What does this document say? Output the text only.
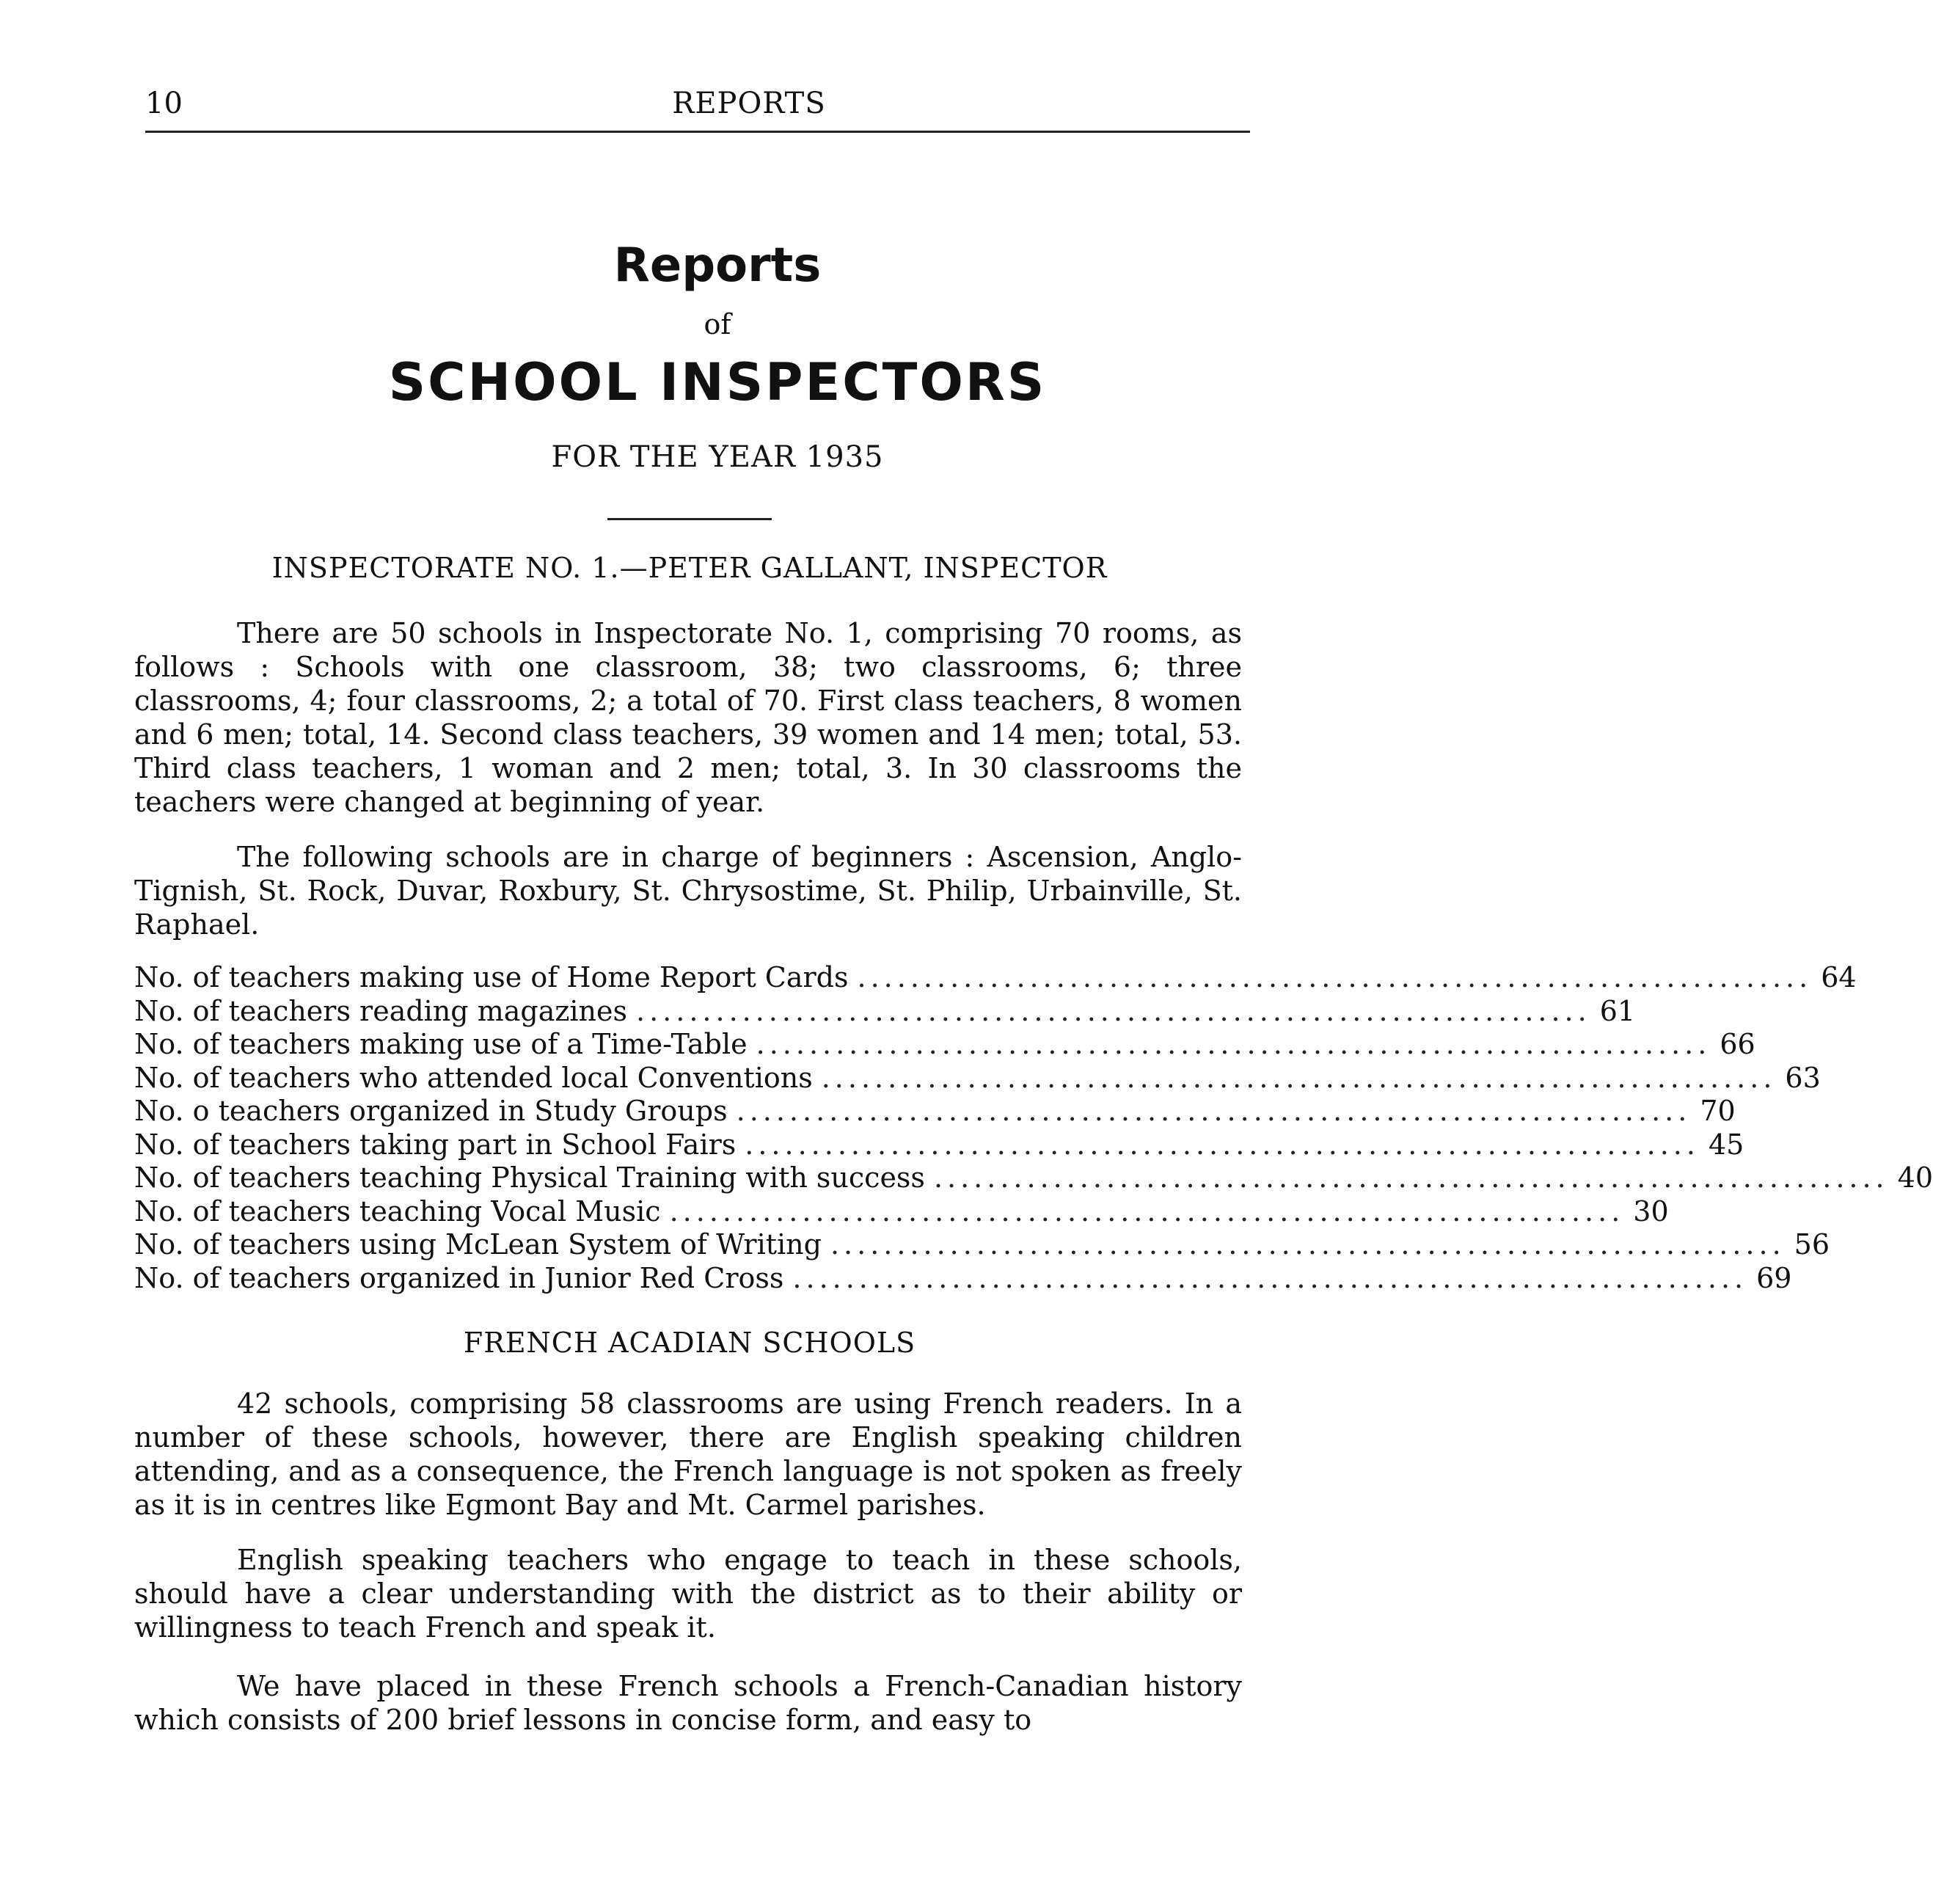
10	REPORTS
Reports
of
SCHOOL INSPECTORS
FOR THE YEAR 1935
INSPECTORATE NO. 1.—PETER GALLANT, INSPECTOR

There are 50 schools in Inspectorate No. 1, comprising 70 rooms, as follows : Schools with one classroom, 38; two classrooms, 6; three classrooms, 4; four classrooms, 2; a total of 70. First class teachers, 8 women and 6 men; total, 14. Second class teachers, 39 women and 14 men; total, 53. Third class teachers, 1 woman and 2 men; total, 3. In 30 classrooms the teachers were changed at beginning of year.

The following schools are in charge of beginners : Ascension, Anglo-Tignish, St. Rock, Duvar, Roxbury, St. Chrysostime, St. Philip, Urbainville, St. Raphael.

No. of teachers making use of Home Report Cards ........................................................................ 64
No. of teachers reading magazines ........................................................................ 61
No. of teachers making use of a Time-Table ........................................................................ 66
No. of teachers who attended local Conventions ........................................................................ 63
No. o teachers organized in Study Groups ........................................................................ 70
No. of teachers taking part in School Fairs ........................................................................ 45
No. of teachers teaching Physical Training with success ........................................................................ 40
No. of teachers teaching Vocal Music ........................................................................ 30
No. of teachers using McLean System of Writing ........................................................................ 56
No. of teachers organized in Junior Red Cross ........................................................................ 69
FRENCH ACADIAN SCHOOLS

42 schools, comprising 58 classrooms are using French readers. In a number of these schools, however, there are English speaking children attending, and as a consequence, the French language is not spoken as freely as it is in centres like Egmont Bay and Mt. Carmel parishes.

English speaking teachers who engage to teach in these schools, should have a clear understanding with the district as to their ability or willingness to teach French and speak it.

We have placed in these French schools a French-Canadian history which consists of 200 brief lessons in concise form, and easy to
